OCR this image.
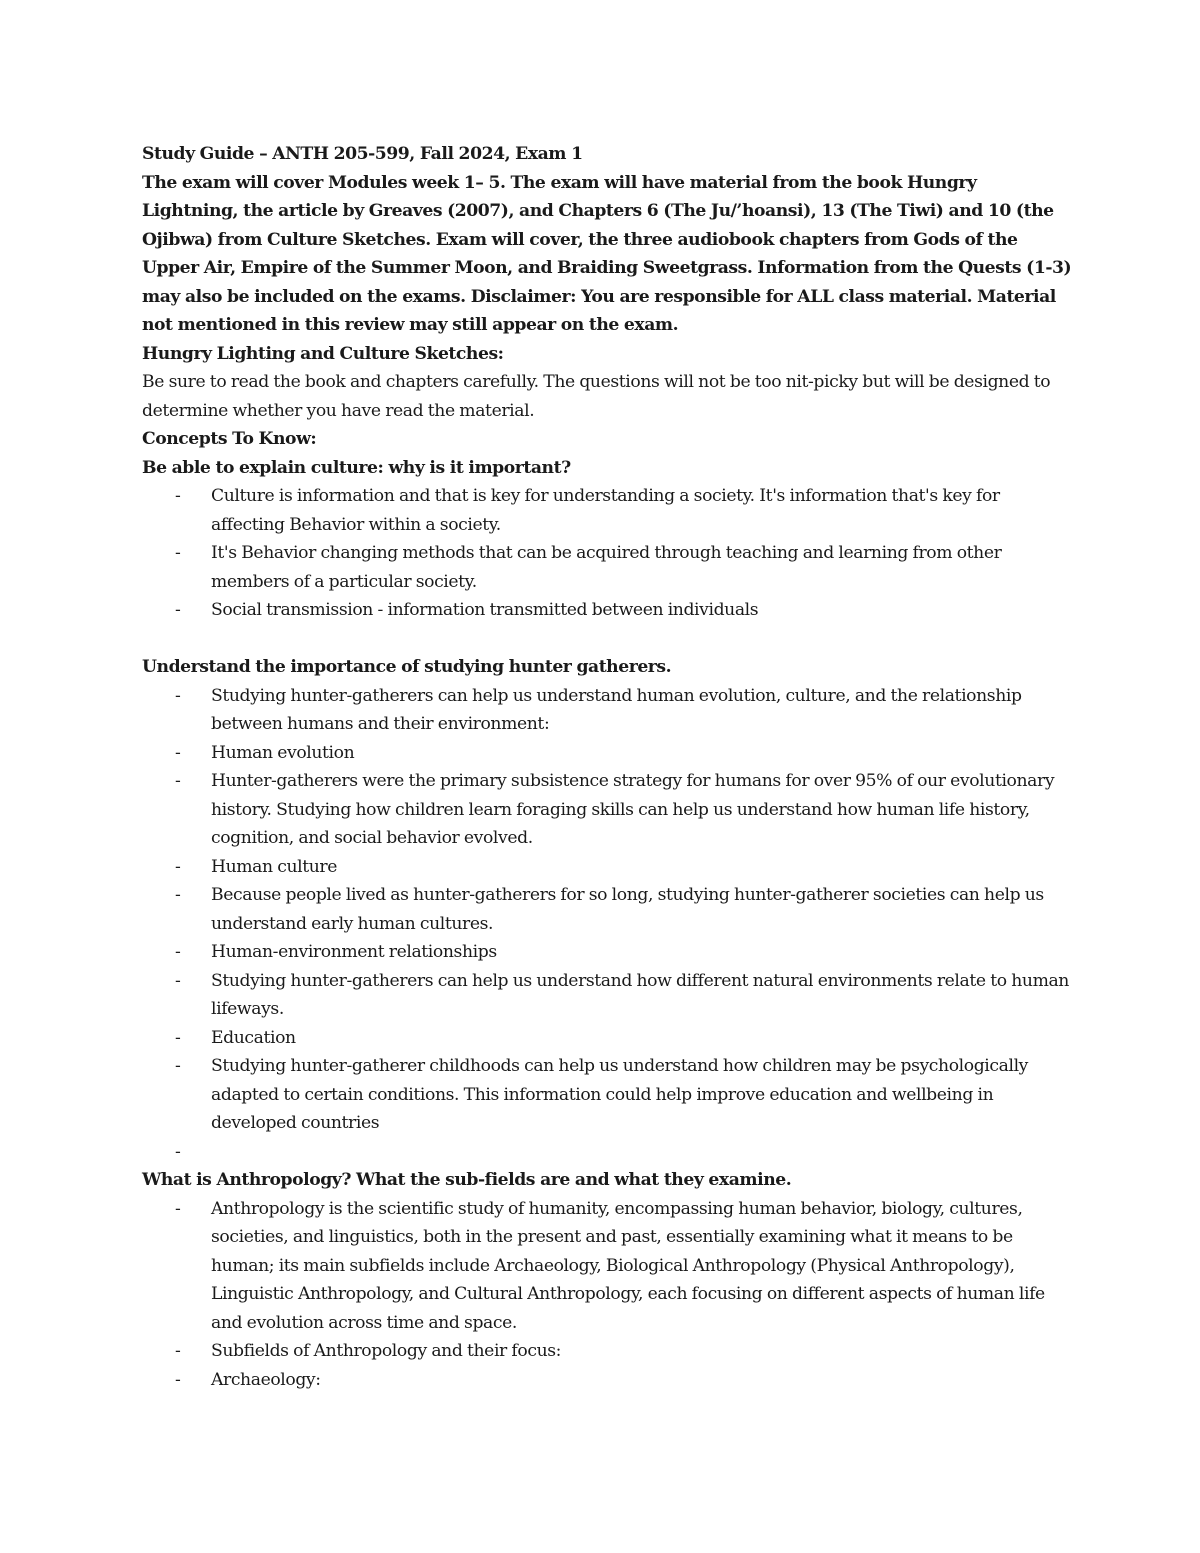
Study Guide – ANTH 205-599, Fall 2024, Exam 1

The exam will cover Modules week 1– 5. The exam will have material from the book Hungry Lightning, the article by Greaves (2007), and Chapters 6 (The Ju/’hoansi), 13 (The Tiwi) and 10 (the Ojibwa) from Culture Sketches. Exam will cover, the three audiobook chapters from Gods of the Upper Air, Empire of the Summer Moon, and Braiding Sweetgrass. Information from the Quests (1-3) may also be included on the exams. Disclaimer: You are responsible for ALL class material. Material not mentioned in this review may still appear on the exam.

Hungry Lighting and Culture Sketches:

Be sure to read the book and chapters carefully. The questions will not be too nit-picky but will be designed to determine whether you have read the material.

Concepts To Know:

Be able to explain culture: why is it important?

- Culture is information and that is key for understanding a society. It's information that's key for affecting Behavior within a society.
- It's Behavior changing methods that can be acquired through teaching and learning from other members of a particular society.
- Social transmission - information transmitted between individuals

Understand the importance of studying hunter gatherers.

- Studying hunter-gatherers can help us understand human evolution, culture, and the relationship between humans and their environment:
- Human evolution
- Hunter-gatherers were the primary subsistence strategy for humans for over 95% of our evolutionary history. Studying how children learn foraging skills can help us understand how human life history, cognition, and social behavior evolved.
- Human culture
- Because people lived as hunter-gatherers for so long, studying hunter-gatherer societies can help us understand early human cultures.
- Human-environment relationships
- Studying hunter-gatherers can help us understand how different natural environments relate to human lifeways.
- Education
- Studying hunter-gatherer childhoods can help us understand how children may be psychologically adapted to certain conditions. This information could help improve education and wellbeing in developed countries
-

What is Anthropology? What the sub-fields are and what they examine.

- Anthropology is the scientific study of humanity, encompassing human behavior, biology, cultures, societies, and linguistics, both in the present and past, essentially examining what it means to be human; its main subfields include Archaeology, Biological Anthropology (Physical Anthropology), Linguistic Anthropology, and Cultural Anthropology, each focusing on different aspects of human life and evolution across time and space.
- Subfields of Anthropology and their focus:
- Archaeology:
